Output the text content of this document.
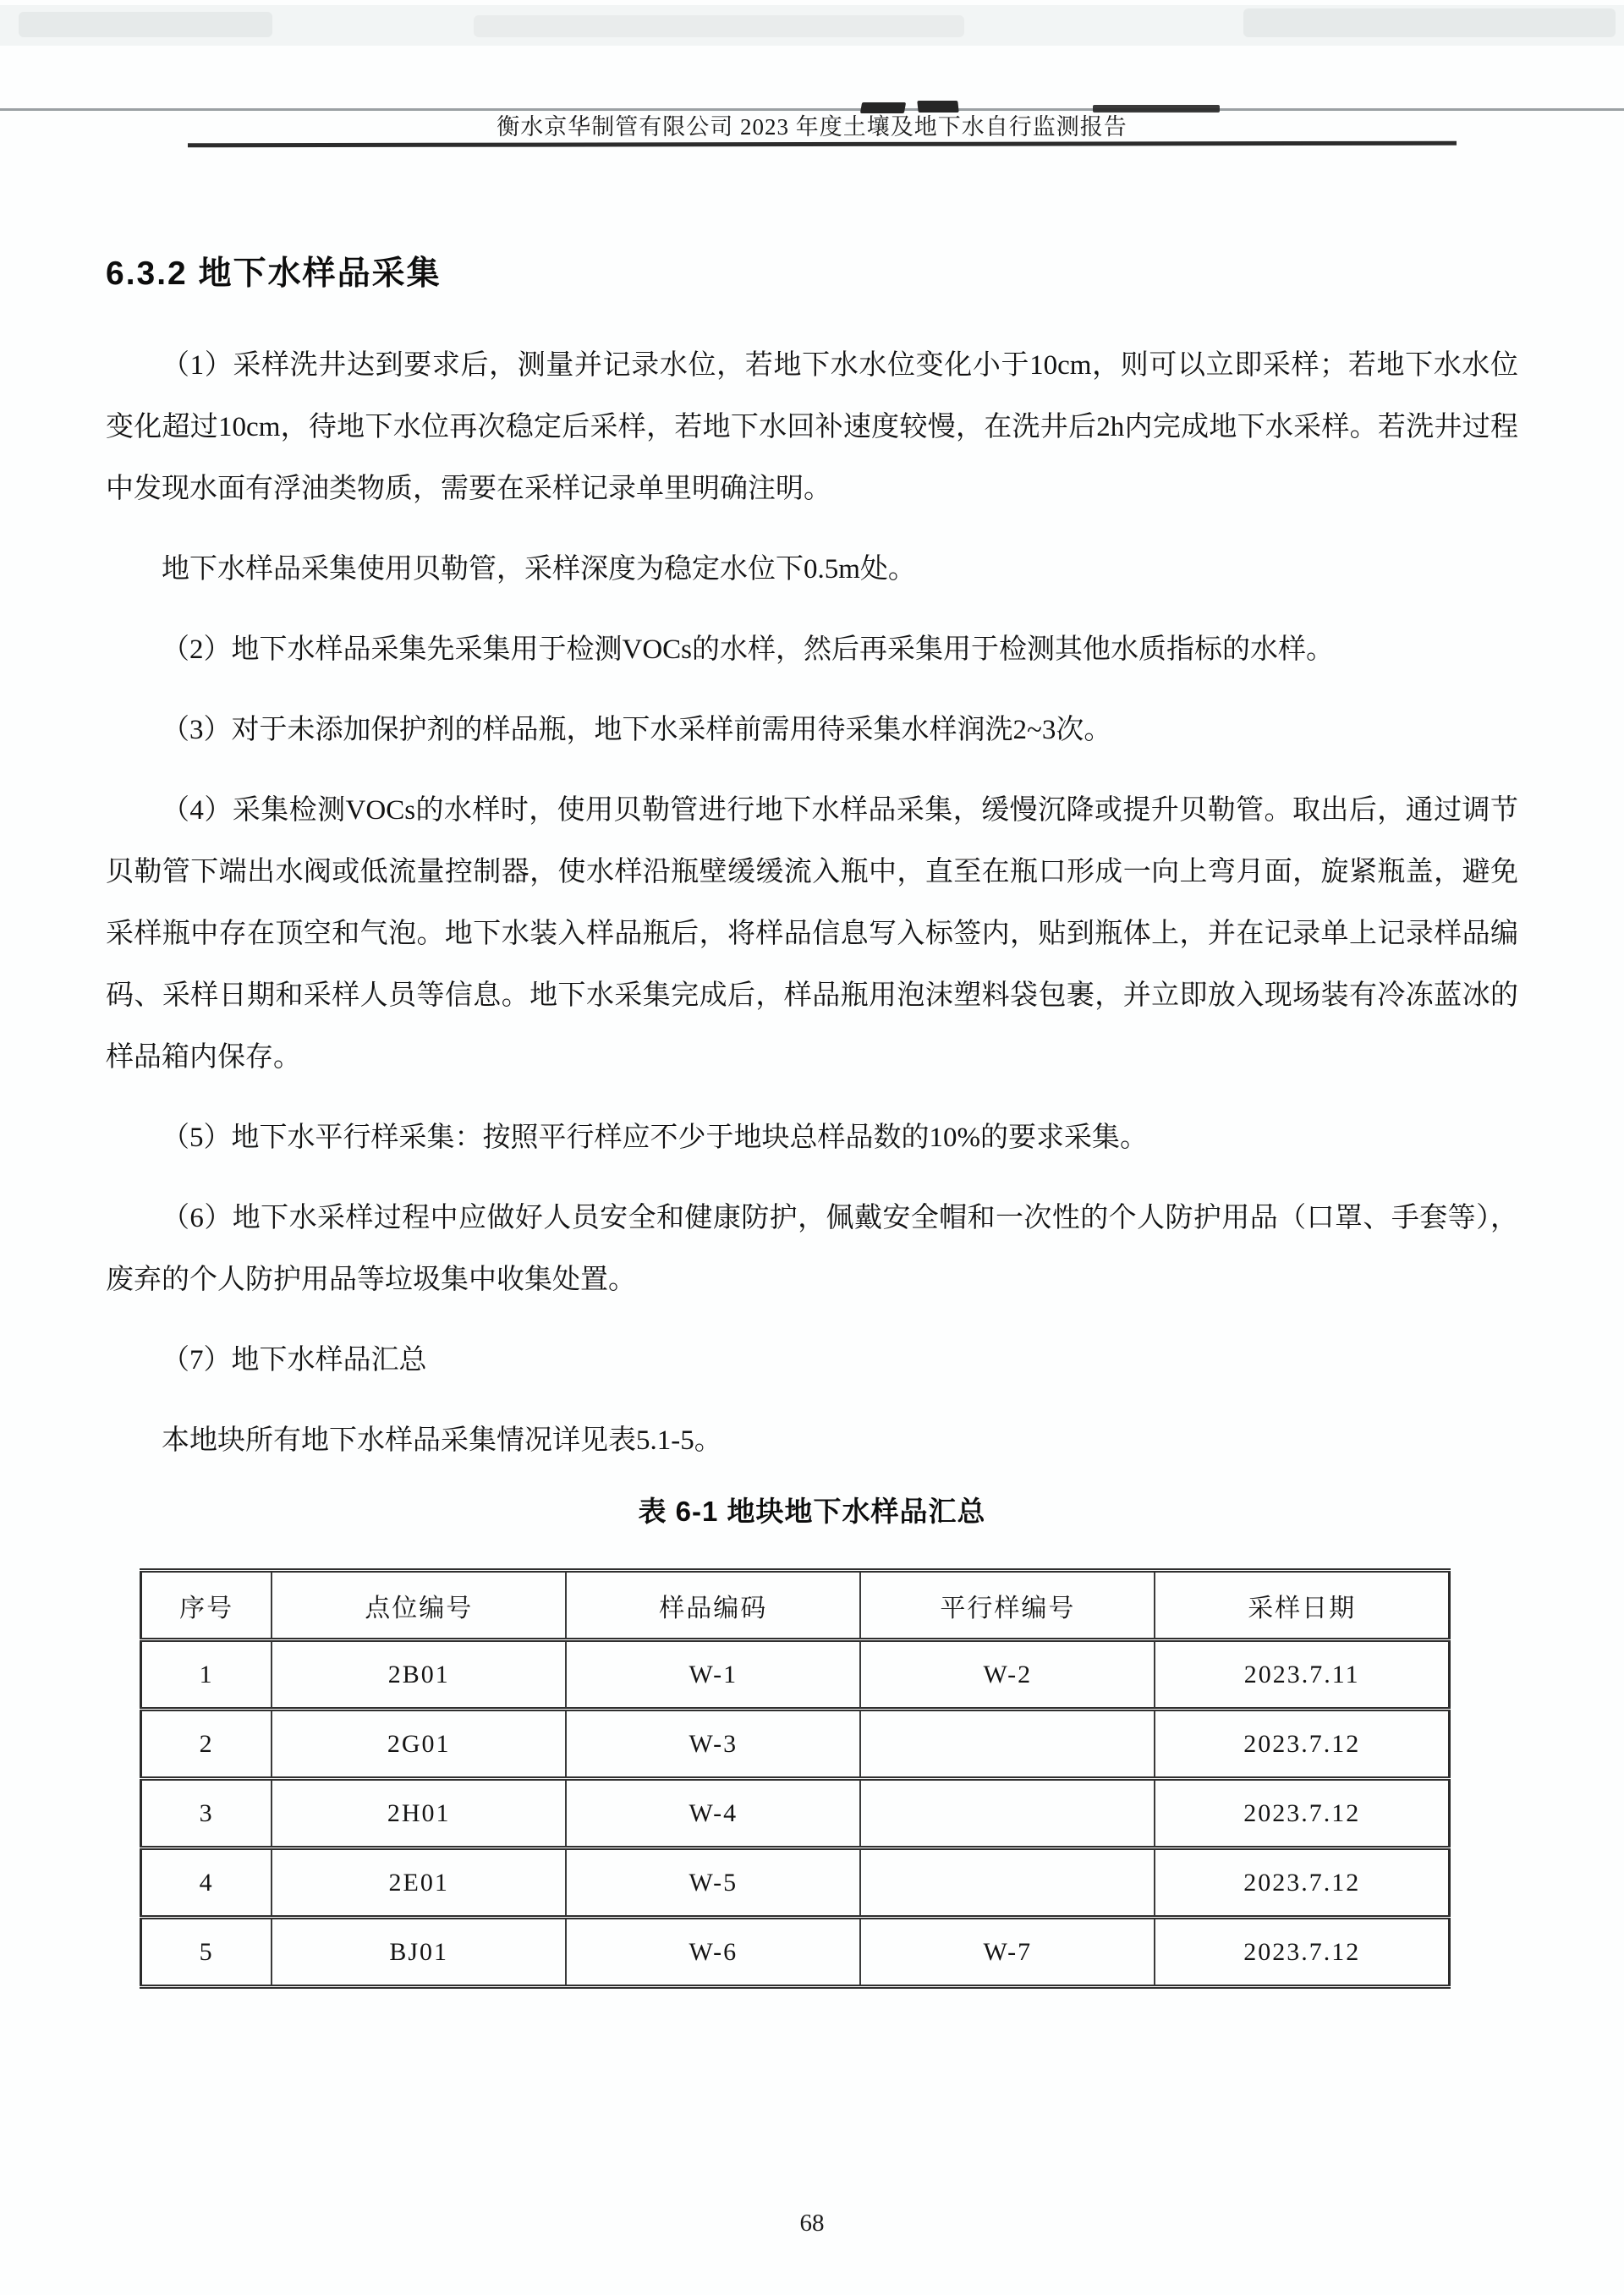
衡水京华制管有限公司 2023 年度土壤及地下水自行监测报告
6.3.2 地下水样品采集

（1）采样洗井达到要求后，测量并记录水位，若地下水水位变化小于10cm，则可以立即采样；若地下水水位变化超过10cm，待地下水位再次稳定后采样，若地下水回补速度较慢，在洗井后2h内完成地下水采样。若洗井过程中发现水面有浮油类物质，需要在采样记录单里明确注明。

地下水样品采集使用贝勒管，采样深度为稳定水位下0.5m处。

（2）地下水样品采集先采集用于检测VOCs的水样，然后再采集用于检测其他水质指标的水样。

（3）对于未添加保护剂的样品瓶，地下水采样前需用待采集水样润洗2~3次。

（4）采集检测VOCs的水样时，使用贝勒管进行地下水样品采集，缓慢沉降或提升贝勒管。取出后，通过调节贝勒管下端出水阀或低流量控制器，使水样沿瓶壁缓缓流入瓶中，直至在瓶口形成一向上弯月面，旋紧瓶盖，避免采样瓶中存在顶空和气泡。地下水装入样品瓶后，将样品信息写入标签内，贴到瓶体上，并在记录单上记录样品编码、采样日期和采样人员等信息。地下水采集完成后，样品瓶用泡沫塑料袋包裹，并立即放入现场装有冷冻蓝冰的样品箱内保存。

（5）地下水平行样采集：按照平行样应不少于地块总样品数的10%的要求采集。

（6）地下水采样过程中应做好人员安全和健康防护，佩戴安全帽和一次性的个人防护用品（口罩、手套等），废弃的个人防护用品等垃圾集中收集处置。

（7）地下水样品汇总

本地块所有地下水样品采集情况详见表5.1-5。

表 6-1 地块地下水样品汇总
序号	点位编号	样品编码	平行样编号	采样日期
1	2B01	W-1	W-2	2023.7.11
2	2G01	W-3		2023.7.12
3	2H01	W-4		2023.7.12
4	2E01	W-5		2023.7.12
5	BJ01	W-6	W-7	2023.7.12
68
